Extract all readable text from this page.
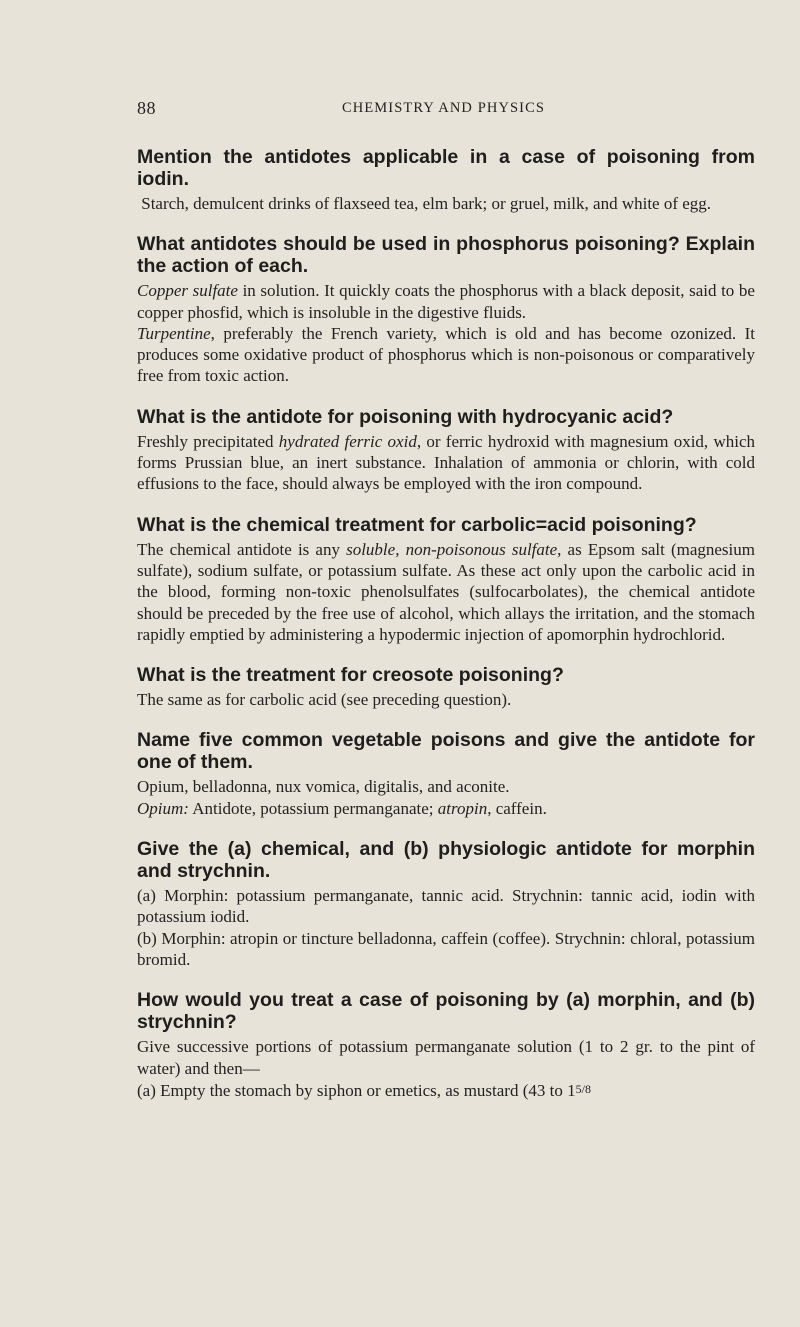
88	CHEMISTRY AND PHYSICS

Mention the antidotes applicable in a case of poisoning from iodin.

Starch, demulcent drinks of flaxseed tea, elm bark; or gruel, milk, and white of egg.

What antidotes should be used in phosphorus poisoning? Explain the action of each.

Copper sulfate in solution. It quickly coats the phosphorus with a black deposit, said to be copper phosfid, which is insoluble in the digestive fluids.

Turpentine, preferably the French variety, which is old and has become ozonized. It produces some oxidative product of phosphorus which is non-poisonous or comparatively free from toxic action.

What is the antidote for poisoning with hydrocyanic acid?

Freshly precipitated hydrated ferric oxid, or ferric hydroxid with magnesium oxid, which forms Prussian blue, an inert substance. Inhalation of ammonia or chlorin, with cold effusions to the face, should always be employed with the iron compound.

What is the chemical treatment for carbolic=acid poisoning?

The chemical antidote is any soluble, non-poisonous sulfate, as Epsom salt (magnesium sulfate), sodium sulfate, or potassium sulfate. As these act only upon the carbolic acid in the blood, forming non-toxic phenolsulfates (sulfocarbolates), the chemical antidote should be preceded by the free use of alcohol, which allays the irritation, and the stomach rapidly emptied by administering a hypodermic injection of apomorphin hydrochlorid.

What is the treatment for creosote poisoning?

The same as for carbolic acid (see preceding question).

Name five common vegetable poisons and give the antidote for one of them.

Opium, belladonna, nux vomica, digitalis, and aconite.

Opium: Antidote, potassium permanganate; atropin, caffein.

Give the (a) chemical, and (b) physiologic antidote for morphin and strychnin.

(a) Morphin: potassium permanganate, tannic acid. Strychnin: tannic acid, iodin with potassium iodid.

(b) Morphin: atropin or tincture belladonna, caffein (coffee). Strychnin: chloral, potassium bromid.

How would you treat a case of poisoning by (a) morphin, and (b) strychnin?

Give successive portions of potassium permanganate solution (1 to 2 gr. to the pint of water) and then—

(a) Empty the stomach by siphon or emetics, as mustard (43 to 15/8
